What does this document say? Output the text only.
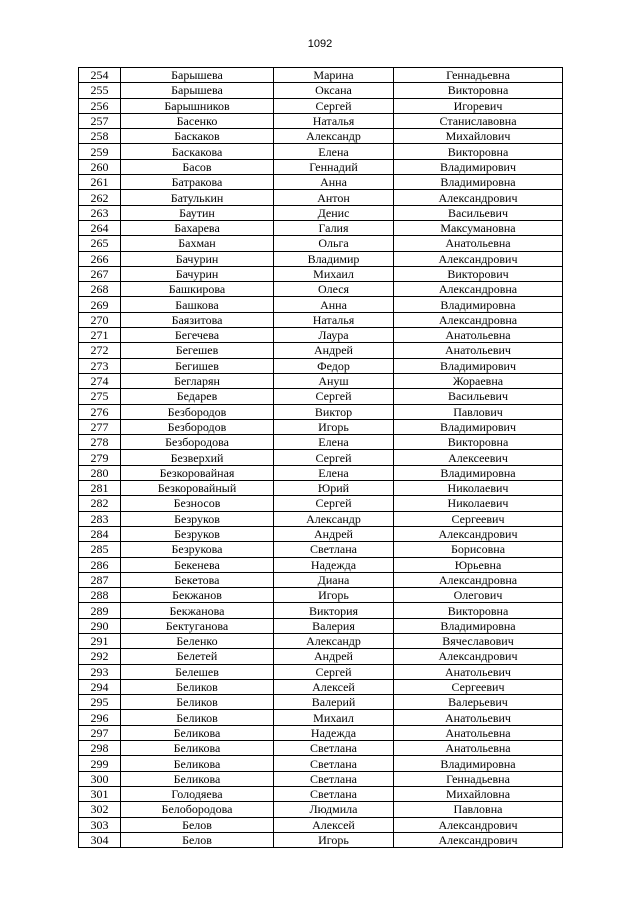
1092
254	Барышева	Марина	Геннадьевна
255	Барышева	Оксана	Викторовна
256	Барышников	Сергей	Игоревич
257	Басенко	Наталья	Станиславовна
258	Баскаков	Александр	Михайлович
259	Баскакова	Елена	Викторовна
260	Басов	Геннадий	Владимирович
261	Батракова	Анна	Владимировна
262	Батулькин	Антон	Александрович
263	Баутин	Денис	Васильевич
264	Бахарева	Галия	Максумановна
265	Бахман	Ольга	Анатольевна
266	Бачурин	Владимир	Александрович
267	Бачурин	Михаил	Викторович
268	Башкирова	Олеся	Александровна
269	Башкова	Анна	Владимировна
270	Баязитова	Наталья	Александровна
271	Бегечева	Лаура	Анатольевна
272	Бегешев	Андрей	Анатольевич
273	Бегишев	Федор	Владимирович
274	Бегларян	Ануш	Жораевна
275	Бедарев	Сергей	Васильевич
276	Безбородов	Виктор	Павлович
277	Безбородов	Игорь	Владимирович
278	Безбородова	Елена	Викторовна
279	Безверхий	Сергей	Алексеевич
280	Безкоровайная	Елена	Владимировна
281	Безкоровайный	Юрий	Николаевич
282	Безносов	Сергей	Николаевич
283	Безруков	Александр	Сергеевич
284	Безруков	Андрей	Александрович
285	Безрукова	Светлана	Борисовна
286	Бекенева	Надежда	Юрьевна
287	Бекетова	Диана	Александровна
288	Бекжанов	Игорь	Олегович
289	Бекжанова	Виктория	Викторовна
290	Бектуганова	Валерия	Владимировна
291	Беленко	Александр	Вячеславович
292	Белетей	Андрей	Александрович
293	Белешев	Сергей	Анатольевич
294	Беликов	Алексей	Сергеевич
295	Беликов	Валерий	Валерьевич
296	Беликов	Михаил	Анатольевич
297	Беликова	Надежда	Анатольевна
298	Беликова	Светлана	Анатольевна
299	Беликова	Светлана	Владимировна
300	Беликова	Светлана	Геннадьевна
301	Голодяева	Светлана	Михайловна
302	Белобородова	Людмила	Павловна
303	Белов	Алексей	Александрович
304	Белов	Игорь	Александрович
